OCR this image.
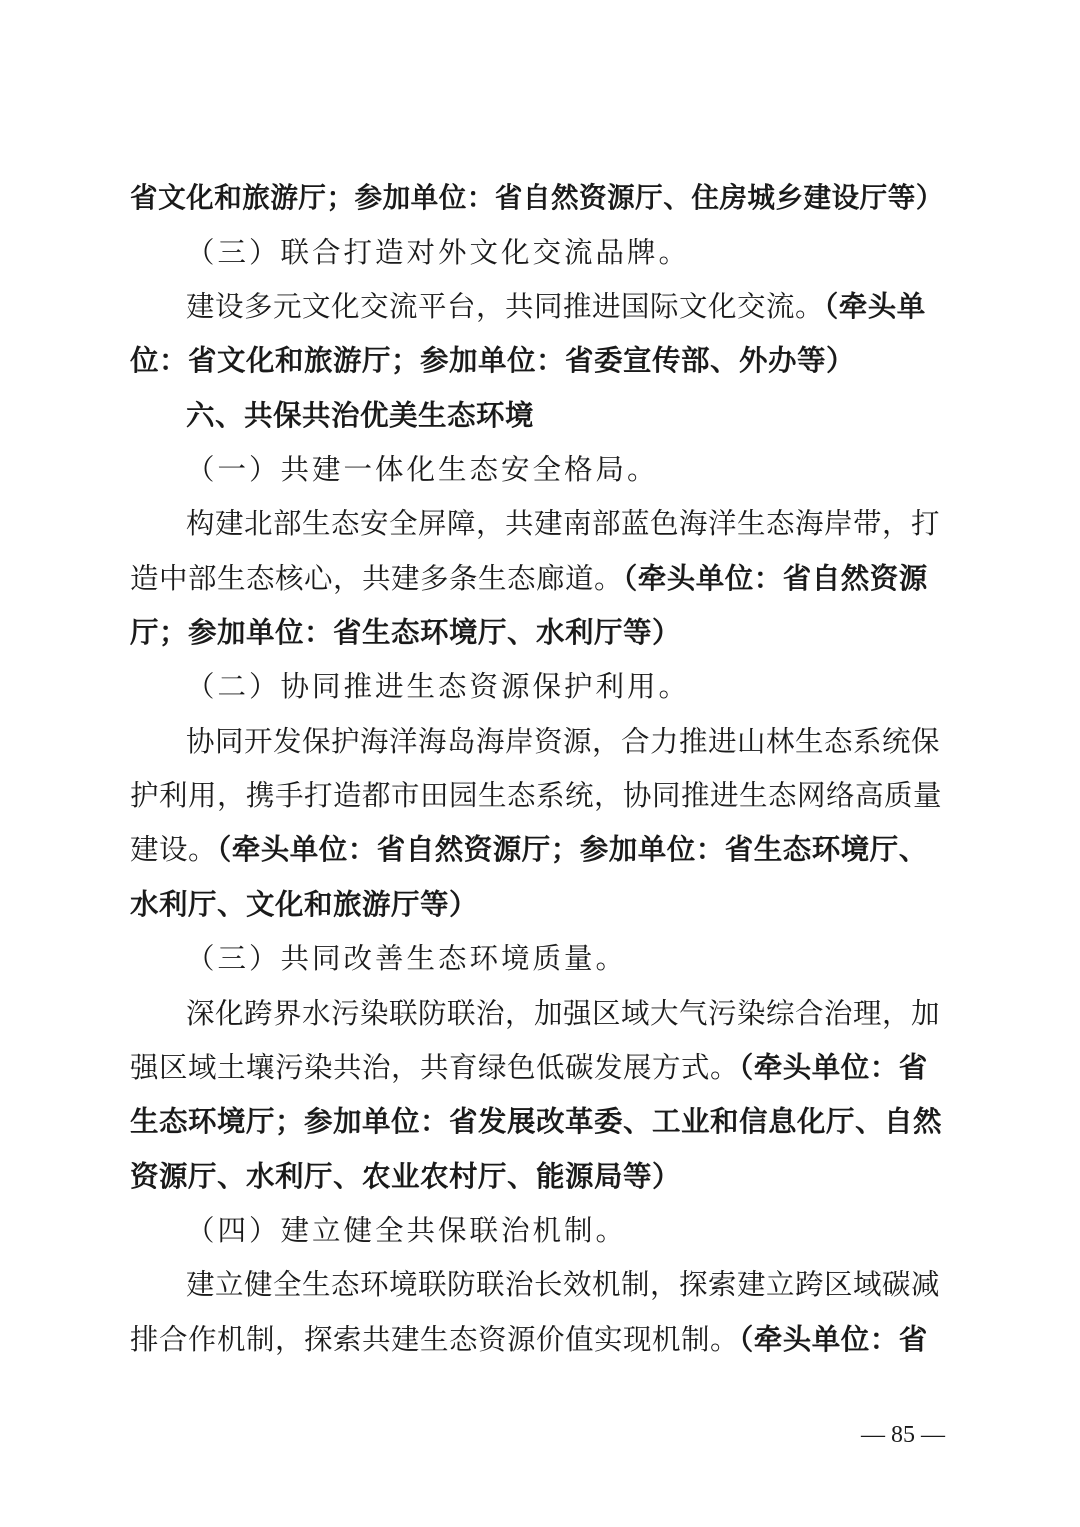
省文化和旅游厅；参加单位：省自然资源厅、住房城乡建设厅等）
（三）联合打造对外文化交流品牌。
建设多元文化交流平台，共同推进国际文化交流。（牵头单
位：省文化和旅游厅；参加单位：省委宣传部、外办等）
六、共保共治优美生态环境
（一）共建一体化生态安全格局。
构建北部生态安全屏障，共建南部蓝色海洋生态海岸带，打
造中部生态核心，共建多条生态廊道。（牵头单位：省自然资源
厅；参加单位：省生态环境厅、水利厅等）
（二）协同推进生态资源保护利用。
协同开发保护海洋海岛海岸资源，合力推进山林生态系统保
护利用，携手打造都市田园生态系统，协同推进生态网络高质量
建设。（牵头单位：省自然资源厅；参加单位：省生态环境厅、
水利厅、文化和旅游厅等）
（三）共同改善生态环境质量。
深化跨界水污染联防联治，加强区域大气污染综合治理，加
强区域土壤污染共治，共育绿色低碳发展方式。（牵头单位：省
生态环境厅；参加单位：省发展改革委、工业和信息化厅、自然
资源厅、水利厅、农业农村厅、能源局等）
（四）建立健全共保联治机制。
建立健全生态环境联防联治长效机制，探索建立跨区域碳减
排合作机制，探索共建生态资源价值实现机制。（牵头单位：省
— 85 —
